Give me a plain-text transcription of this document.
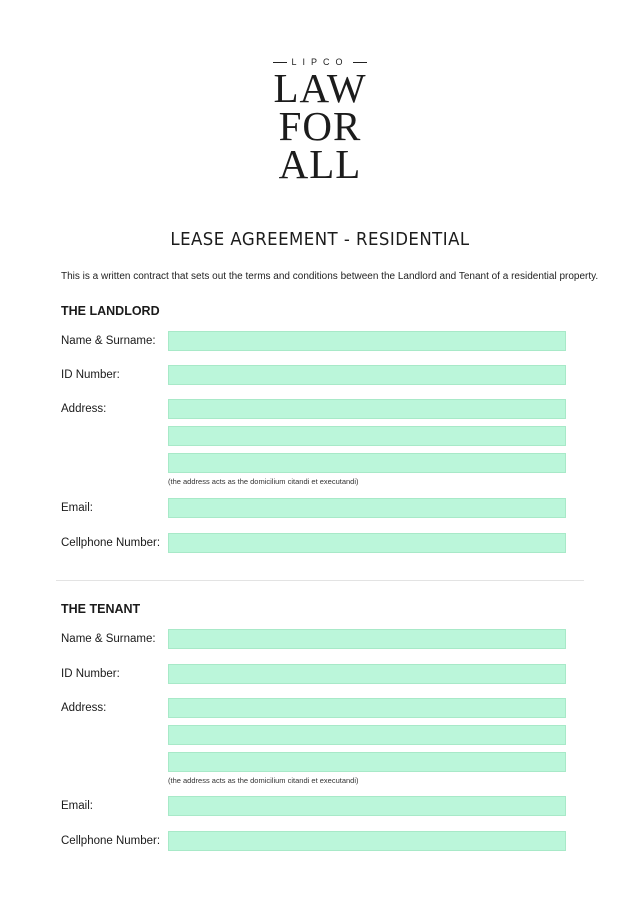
LIPCO
LAW
FOR
ALL
LEASE AGREEMENT - RESIDENTIAL
This is a written contract that sets out the terms and conditions between the Landlord and Tenant of a residential property.
THE LANDLORD
Name & Surname:
ID Number:
Address:
(the address acts as the domicilium citandi et executandi)
Email:
Cellphone Number:
THE TENANT
Name & Surname:
ID Number:
Address:
(the address acts as the domicilium citandi et executandi)
Email:
Cellphone Number:
